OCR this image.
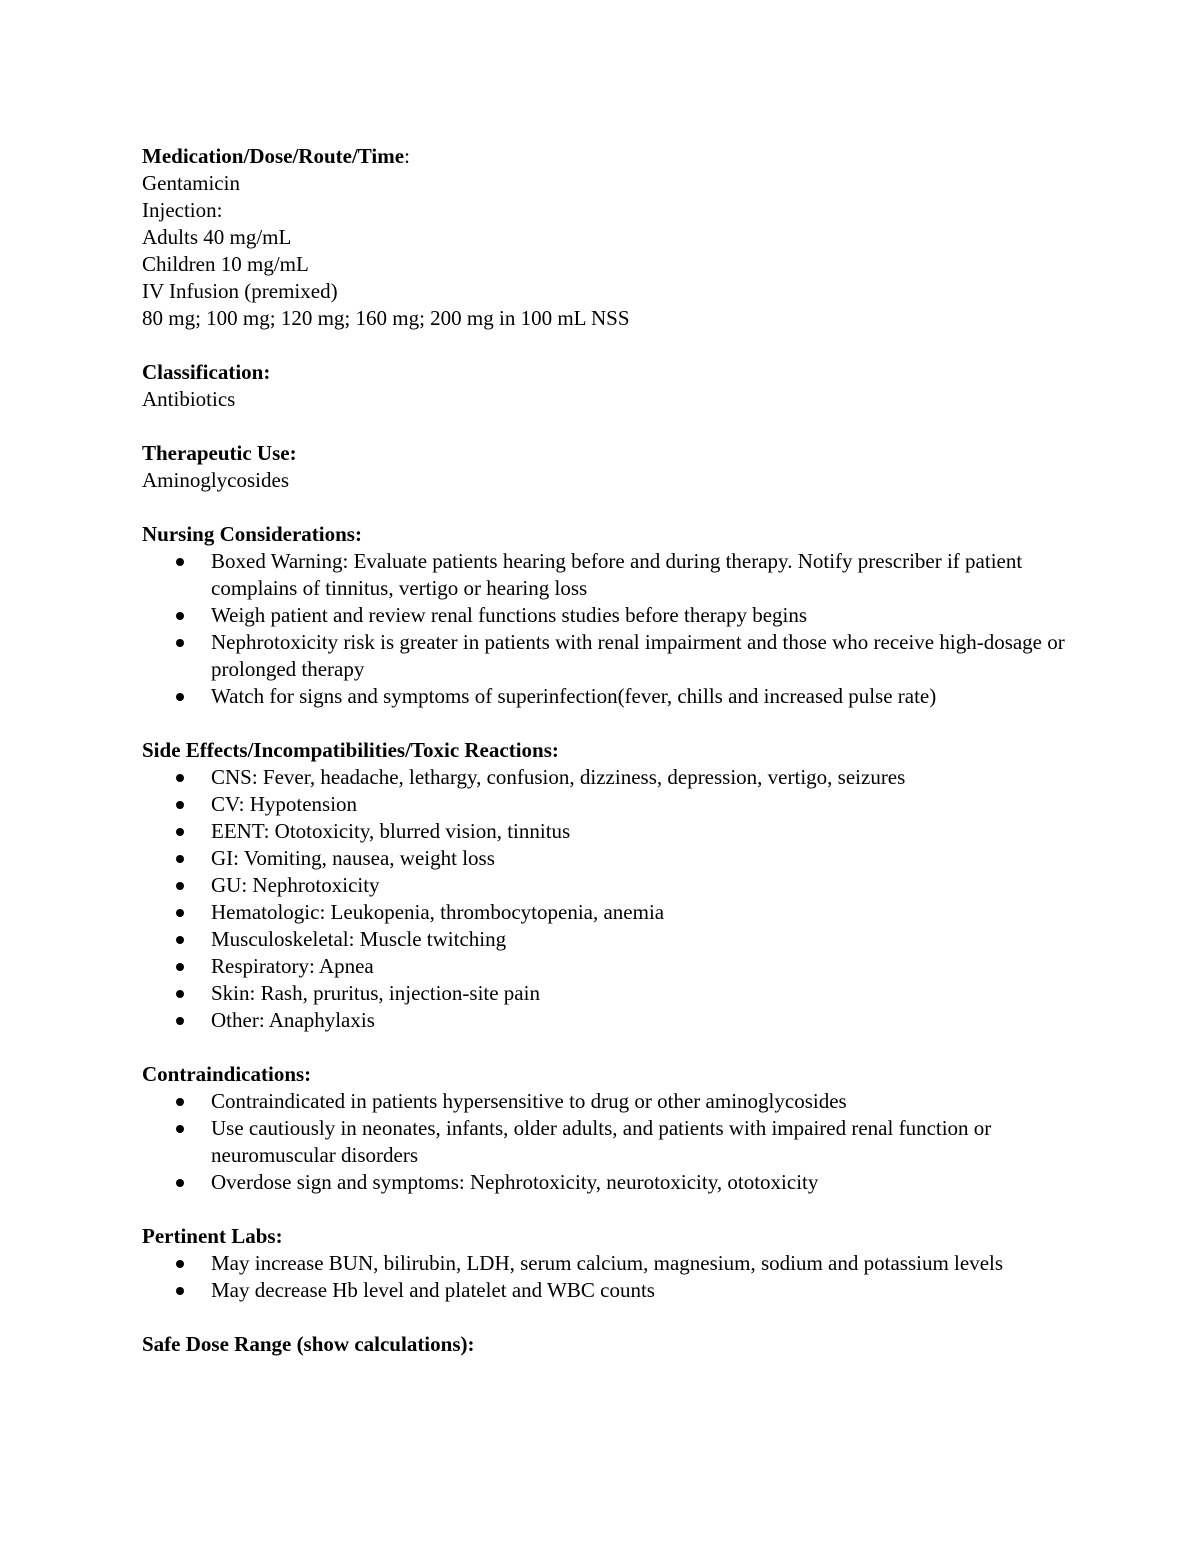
Medication/Dose/Route/Time:
Gentamicin
Injection:
Adults 40 mg/mL
Children 10 mg/mL
IV Infusion (premixed)
80 mg; 100 mg; 120 mg; 160 mg; 200 mg in 100 mL NSS
Classification:
Antibiotics
Therapeutic Use:
Aminoglycosides
Nursing Considerations:
Boxed Warning: Evaluate patients hearing before and during therapy. Notify prescriber if patient complains of tinnitus, vertigo or hearing loss
Weigh patient and review renal functions studies before therapy begins
Nephrotoxicity risk is greater in patients with renal impairment and those who receive high-dosage or prolonged therapy
Watch for signs and symptoms of superinfection(fever, chills and increased pulse rate)
Side Effects/Incompatibilities/Toxic Reactions:
CNS: Fever, headache, lethargy, confusion, dizziness, depression, vertigo, seizures
CV: Hypotension
EENT: Ototoxicity, blurred vision, tinnitus
GI: Vomiting, nausea, weight loss
GU: Nephrotoxicity
Hematologic: Leukopenia, thrombocytopenia, anemia
Musculoskeletal: Muscle twitching
Respiratory: Apnea
Skin: Rash, pruritus, injection-site pain
Other: Anaphylaxis
Contraindications:
Contraindicated in patients hypersensitive to drug or other aminoglycosides
Use cautiously in neonates, infants, older adults, and patients with impaired renal function or neuromuscular disorders
Overdose sign and symptoms: Nephrotoxicity, neurotoxicity, ototoxicity
Pertinent Labs:
May increase BUN, bilirubin, LDH, serum calcium, magnesium, sodium and potassium levels
May decrease Hb level and platelet and WBC counts
Safe Dose Range (show calculations):
